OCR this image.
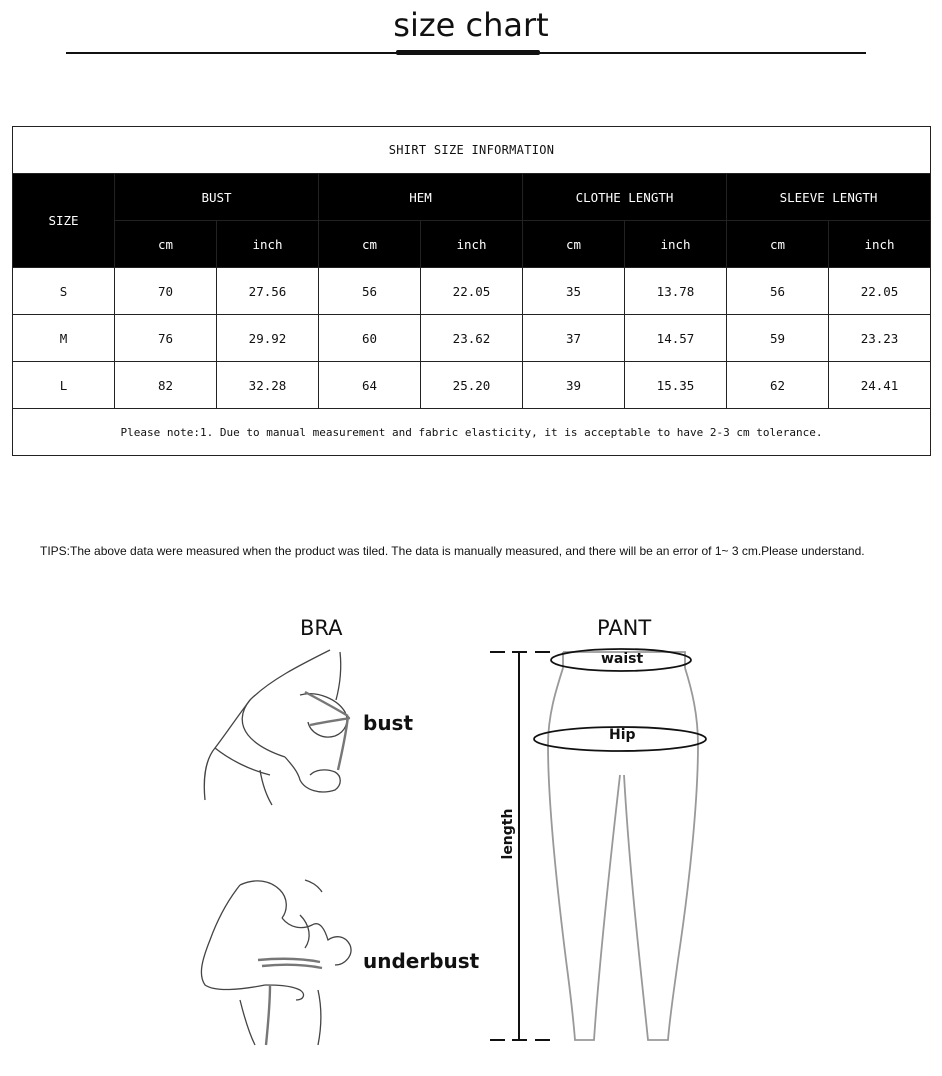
size chart
SHIRT SIZE INFORMATION								
SIZE	BUST		HEM		CLOTHE LENGTH		SLEEVE LENGTH	
	cm	inch	cm	inch	cm	inch	cm	inch
S	70	27.56	56	22.05	35	13.78	56	22.05
M	76	29.92	60	23.62	37	14.57	59	23.23
L	82	32.28	64	25.20	39	15.35	62	24.41
Please note:1. Due to manual measurement and fabric elasticity, it is acceptable to have 2-3 cm tolerance.								
TIPS:The above data were measured when the product was tiled. The data is manually measured, and there will be an error of 1~ 3 cm.Please understand.
BRA	PANT
bust
underbust
waist
Hip
length
